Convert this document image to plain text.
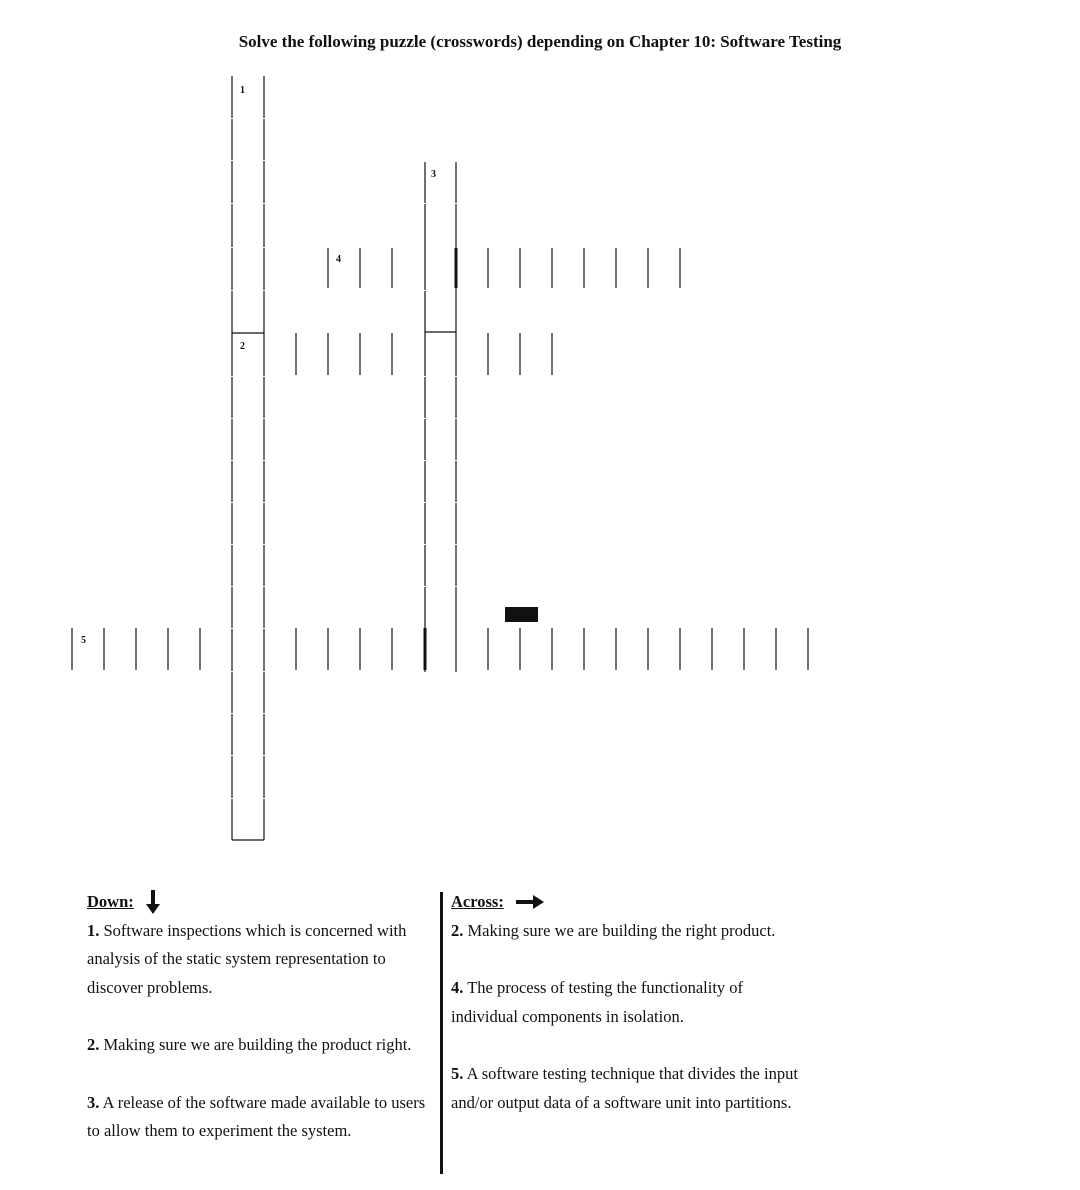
Solve the following puzzle (crosswords) depending on Chapter 10: Software Testing
1
2
3
4
5
Down:

1. Software inspections which is concerned with analysis of the static system representation to discover problems.

2. Making sure we are building the product right.

3. A release of the software made available to users to allow them to experiment the system.

Across:

2. Making sure we are building the right product.

4. The process of testing the functionality of individual components in isolation.

5. A software testing technique that divides the input and/or output data of a software unit into partitions.
